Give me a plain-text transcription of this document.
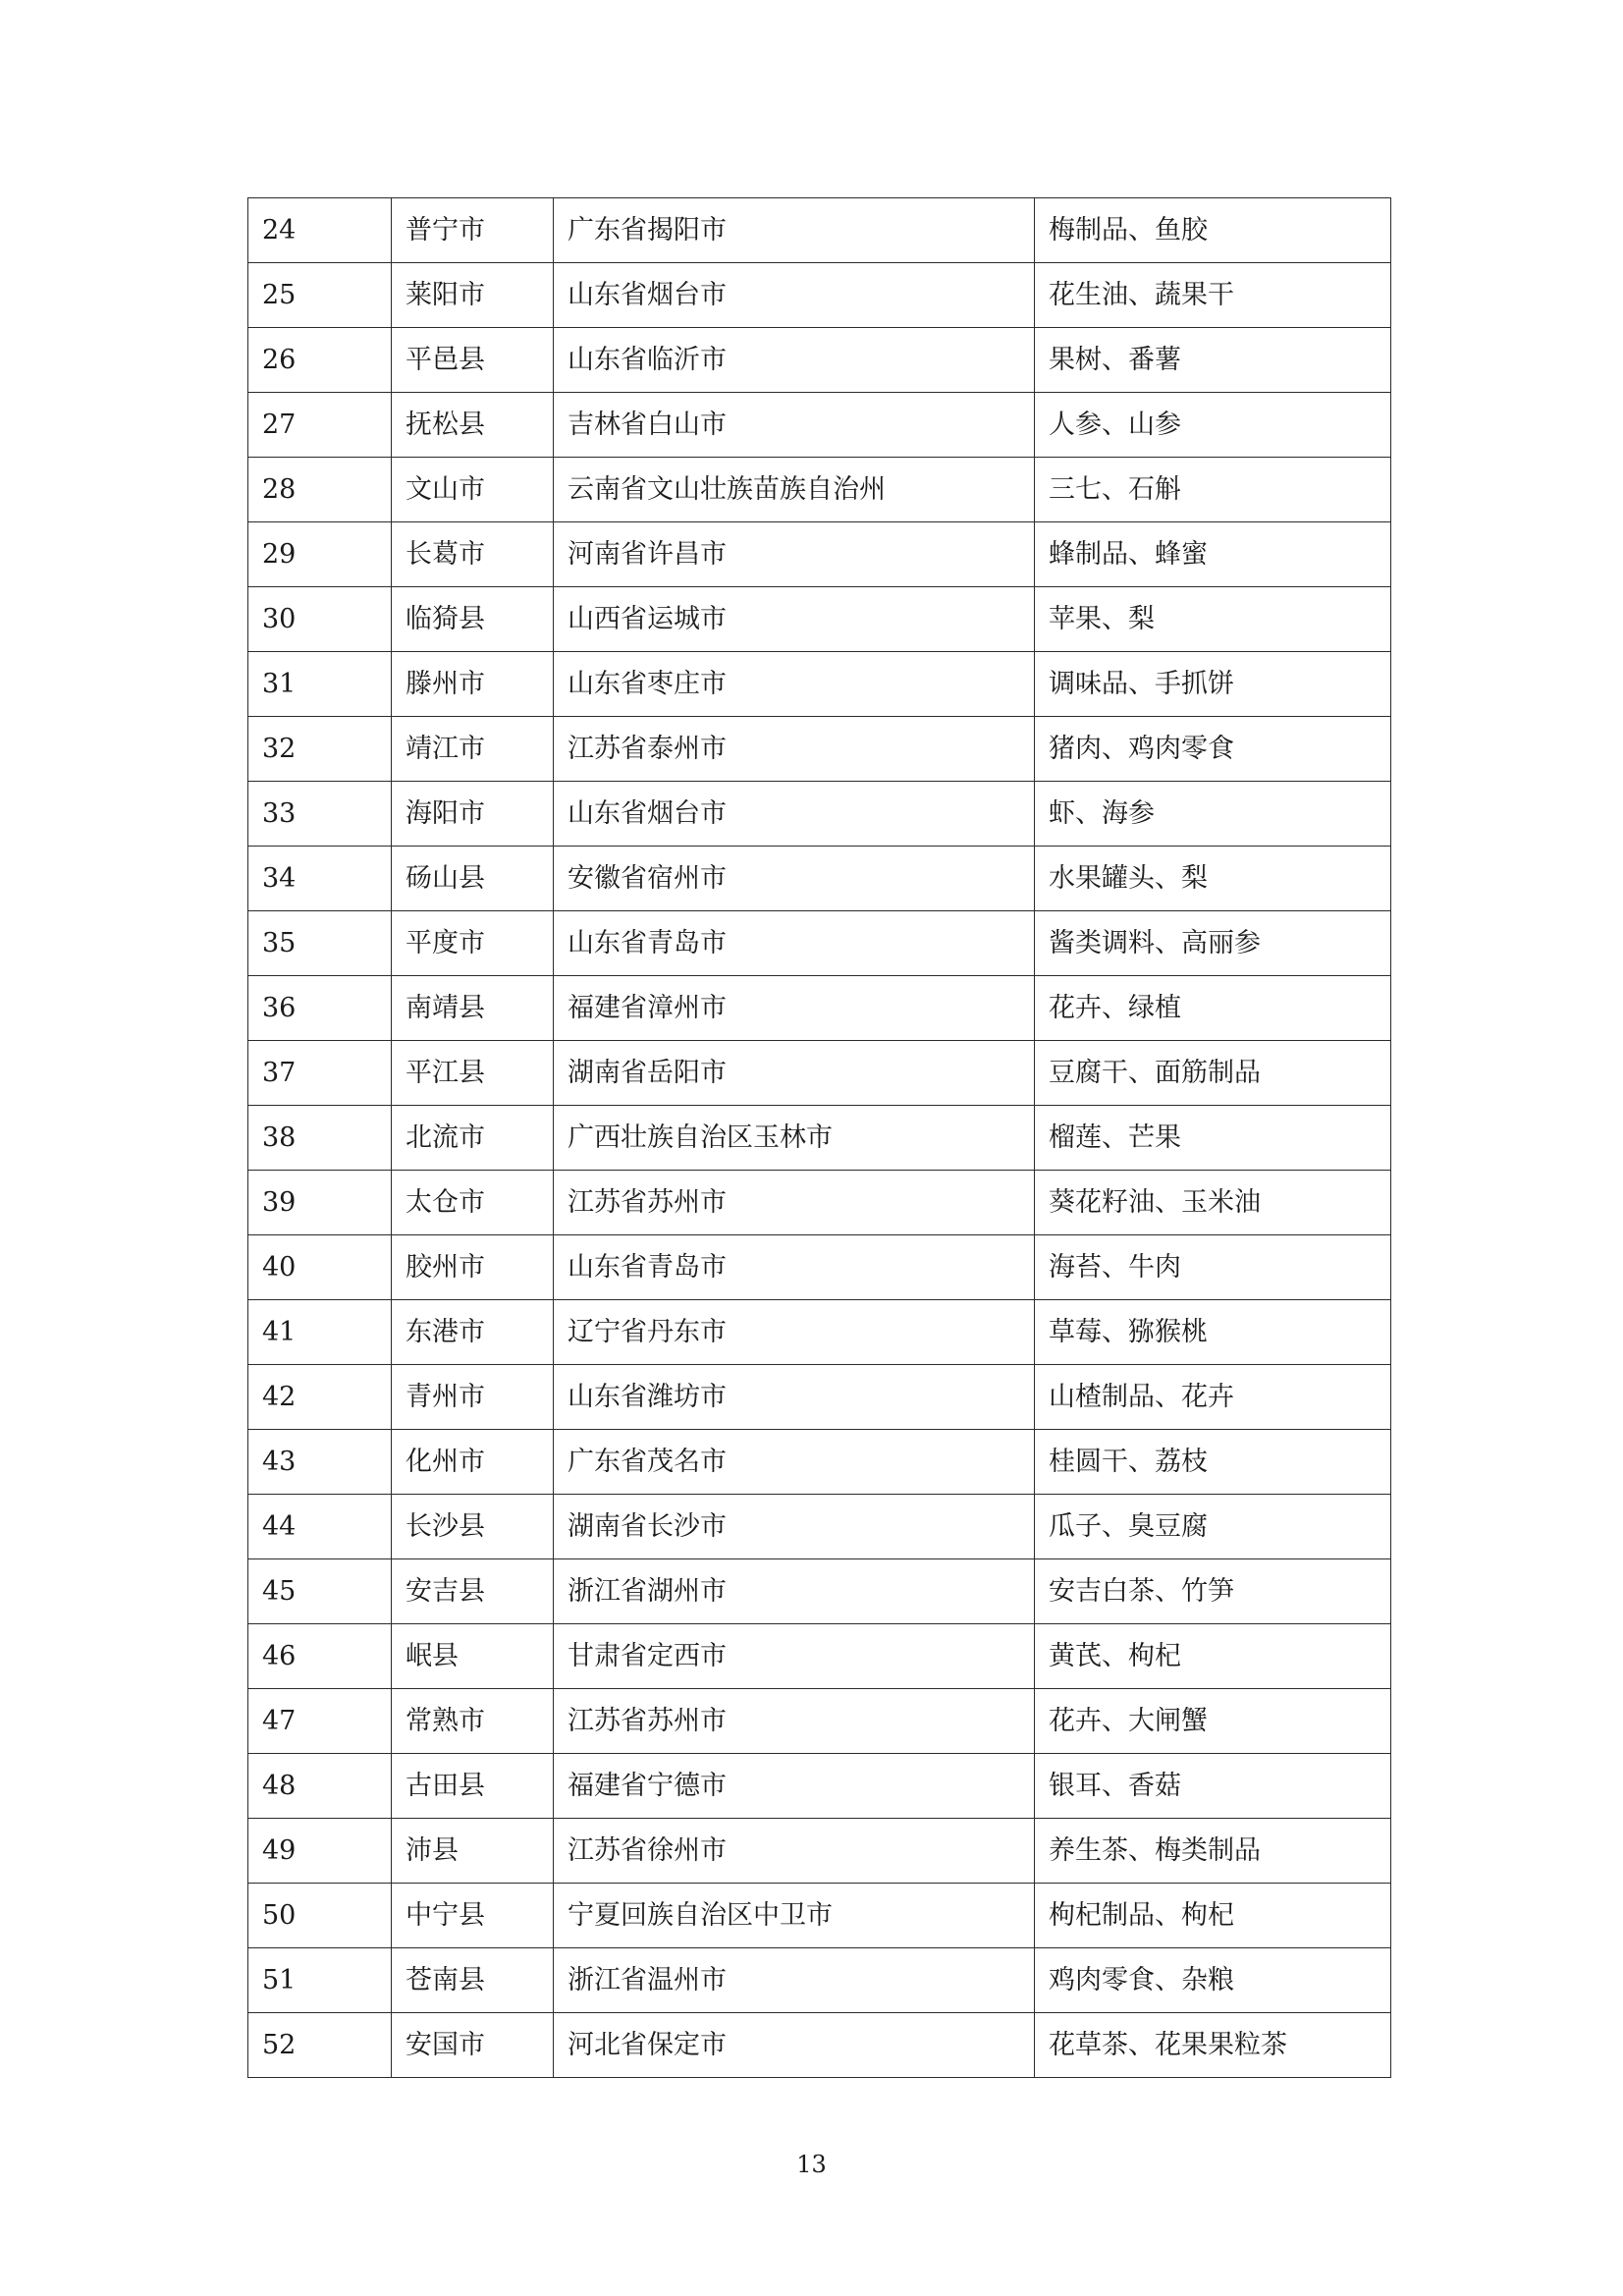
24	普宁市	广东省揭阳市	梅制品、鱼胶
25	莱阳市	山东省烟台市	花生油、蔬果干
26	平邑县	山东省临沂市	果树、番薯
27	抚松县	吉林省白山市	人参、山参
28	文山市	云南省文山壮族苗族自治州	三七、石斛
29	长葛市	河南省许昌市	蜂制品、蜂蜜
30	临猗县	山西省运城市	苹果、梨
31	滕州市	山东省枣庄市	调味品、手抓饼
32	靖江市	江苏省泰州市	猪肉、鸡肉零食
33	海阳市	山东省烟台市	虾、海参
34	砀山县	安徽省宿州市	水果罐头、梨
35	平度市	山东省青岛市	酱类调料、高丽参
36	南靖县	福建省漳州市	花卉、绿植
37	平江县	湖南省岳阳市	豆腐干、面筋制品
38	北流市	广西壮族自治区玉林市	榴莲、芒果
39	太仓市	江苏省苏州市	葵花籽油、玉米油
40	胶州市	山东省青岛市	海苔、牛肉
41	东港市	辽宁省丹东市	草莓、猕猴桃
42	青州市	山东省潍坊市	山楂制品、花卉
43	化州市	广东省茂名市	桂圆干、荔枝
44	长沙县	湖南省长沙市	瓜子、臭豆腐
45	安吉县	浙江省湖州市	安吉白茶、竹笋
46	岷县	甘肃省定西市	黄芪、枸杞
47	常熟市	江苏省苏州市	花卉、大闸蟹
48	古田县	福建省宁德市	银耳、香菇
49	沛县	江苏省徐州市	养生茶、梅类制品
50	中宁县	宁夏回族自治区中卫市	枸杞制品、枸杞
51	苍南县	浙江省温州市	鸡肉零食、杂粮
52	安国市	河北省保定市	花草茶、花果果粒茶
13
